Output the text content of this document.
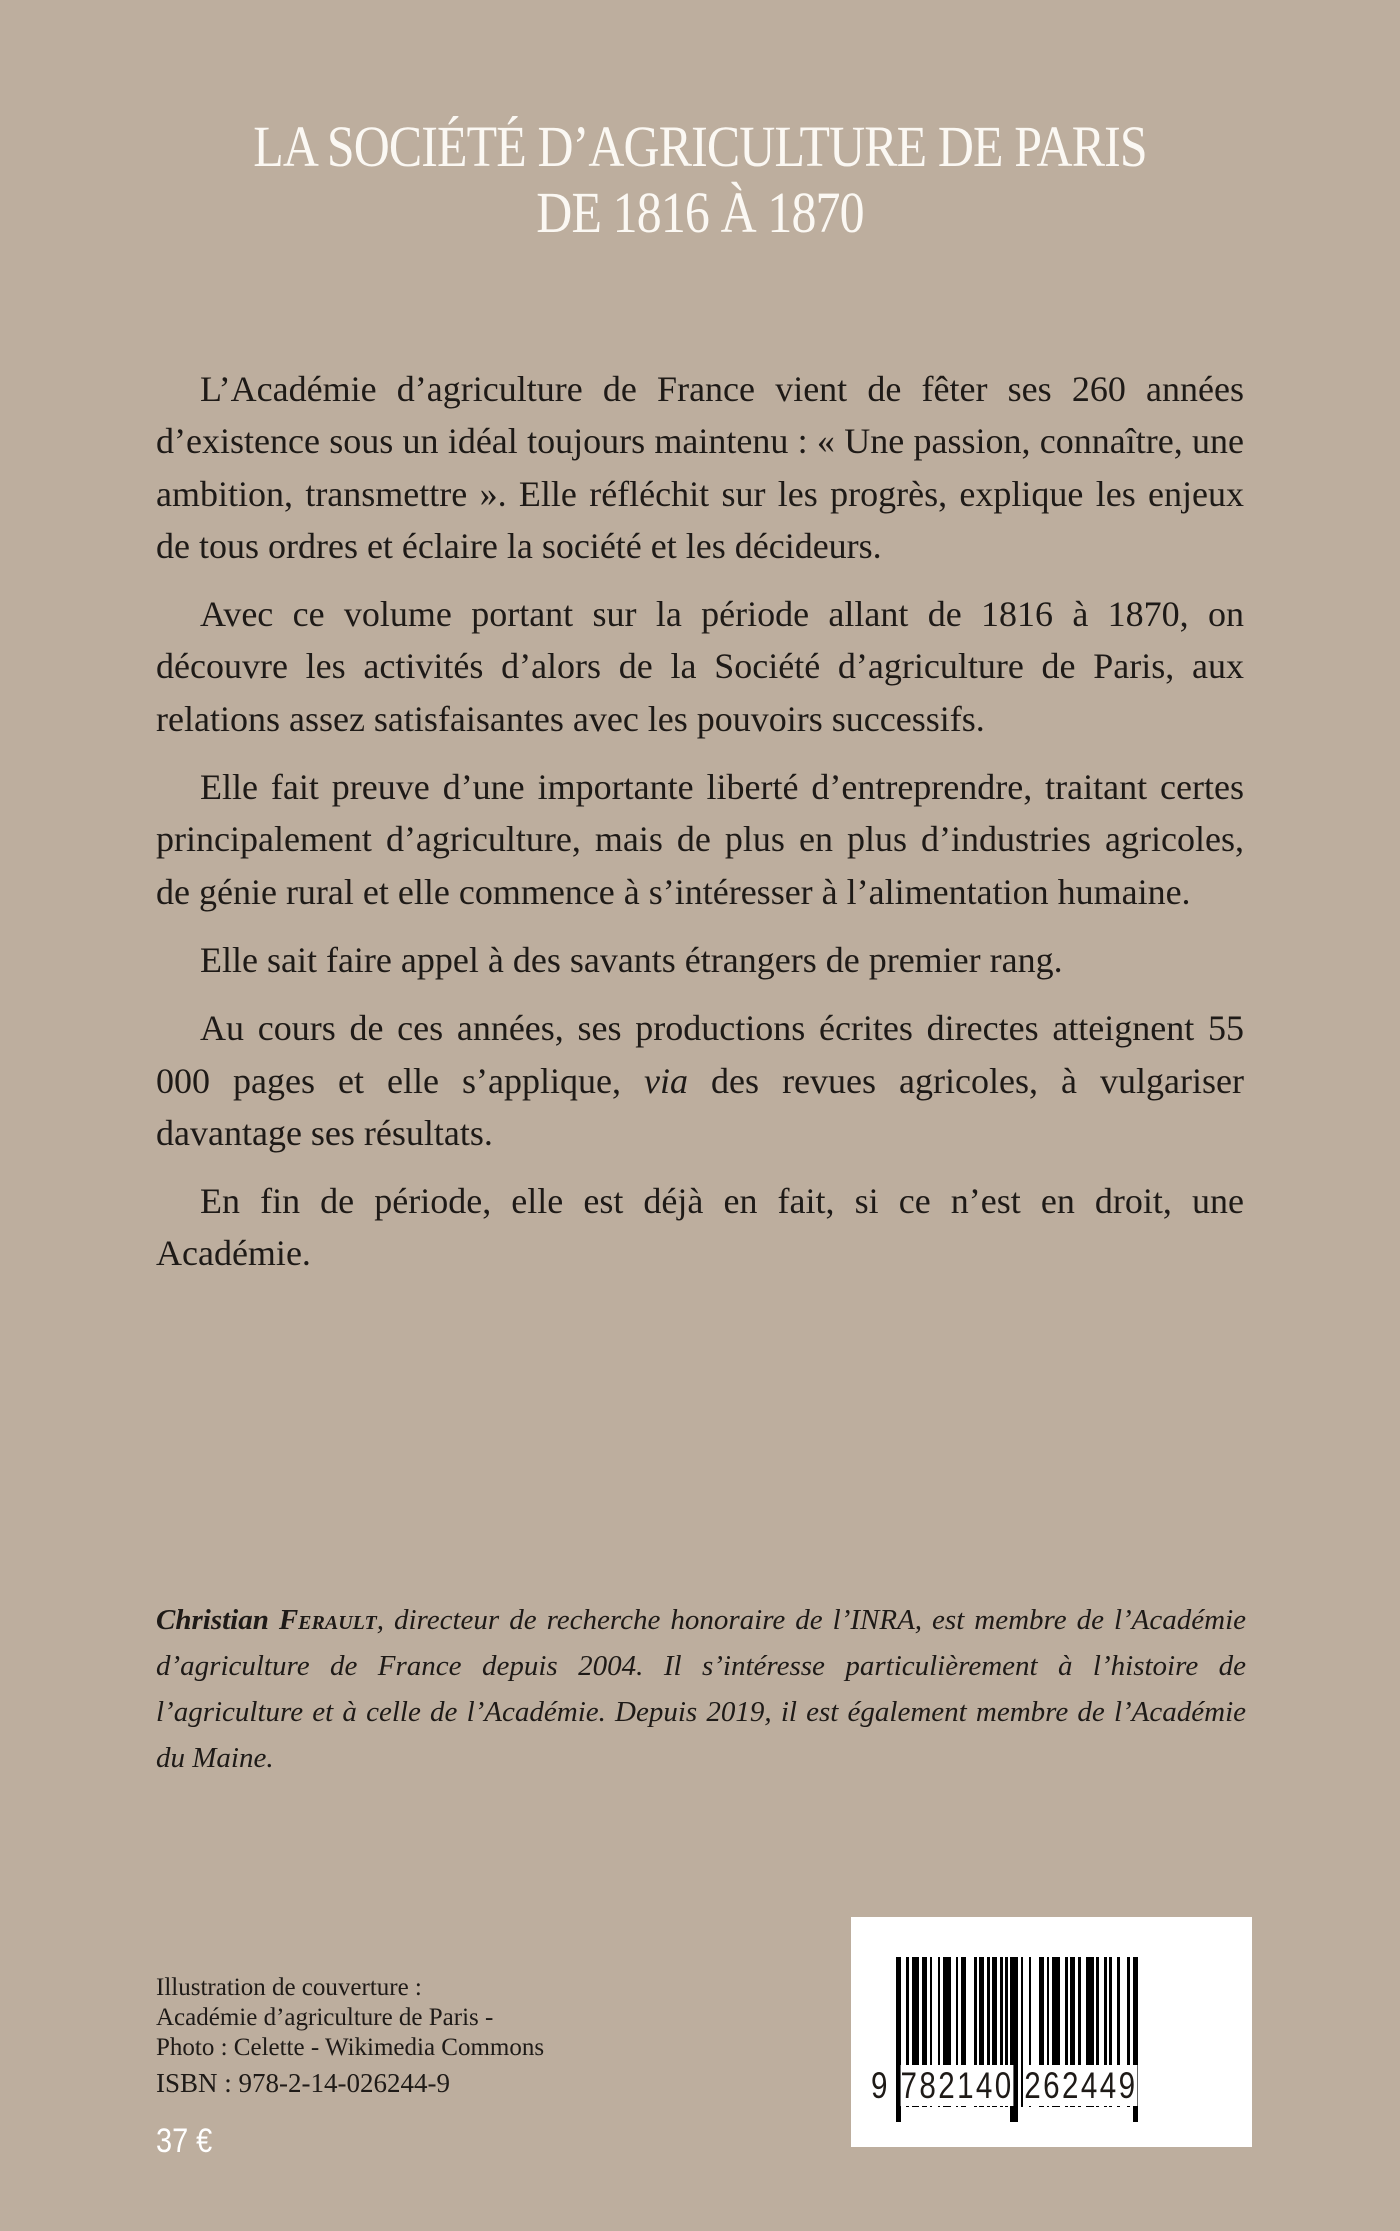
LA SOCIÉTÉ D’AGRICULTURE DE PARIS
DE 1816 À 1870

L’Académie d’agriculture de France vient de fêter ses 260 années d’existence sous un idéal toujours maintenu : « Une passion, connaître, une ambition, transmettre ». Elle réfléchit sur les progrès, explique les enjeux de tous ordres et éclaire la société et les décideurs.

Avec ce volume portant sur la période allant de 1816 à 1870, on découvre les activités d’alors de la Société d’agriculture de Paris, aux relations assez satisfaisantes avec les pouvoirs successifs.

Elle fait preuve d’une importante liberté d’entreprendre, traitant certes principalement d’agriculture, mais de plus en plus d’industries agricoles, de génie rural et elle commence à s’intéresser à l’alimentation humaine.

Elle sait faire appel à des savants étrangers de premier rang.

Au cours de ces années, ses productions écrites directes atteignent 55 000 pages et elle s’applique, via des revues agricoles, à vulgariser davantage ses résultats.

En fin de période, elle est déjà en fait, si ce n’est en droit, une Académie.

Christian Ferault, directeur de recherche honoraire de l’INRA, est membre de l’Académie d’agriculture de France depuis 2004. Il s’intéresse particulièrement à l’histoire de l’agriculture et à celle de l’Académie. Depuis 2019, il est également membre de l’Académie du Maine.
Illustration de couverture :
Académie d’agriculture de Paris -
Photo : Celette - Wikimedia Commons
ISBN : 978-2-14-026244-9
37 €
9 782140 262449
